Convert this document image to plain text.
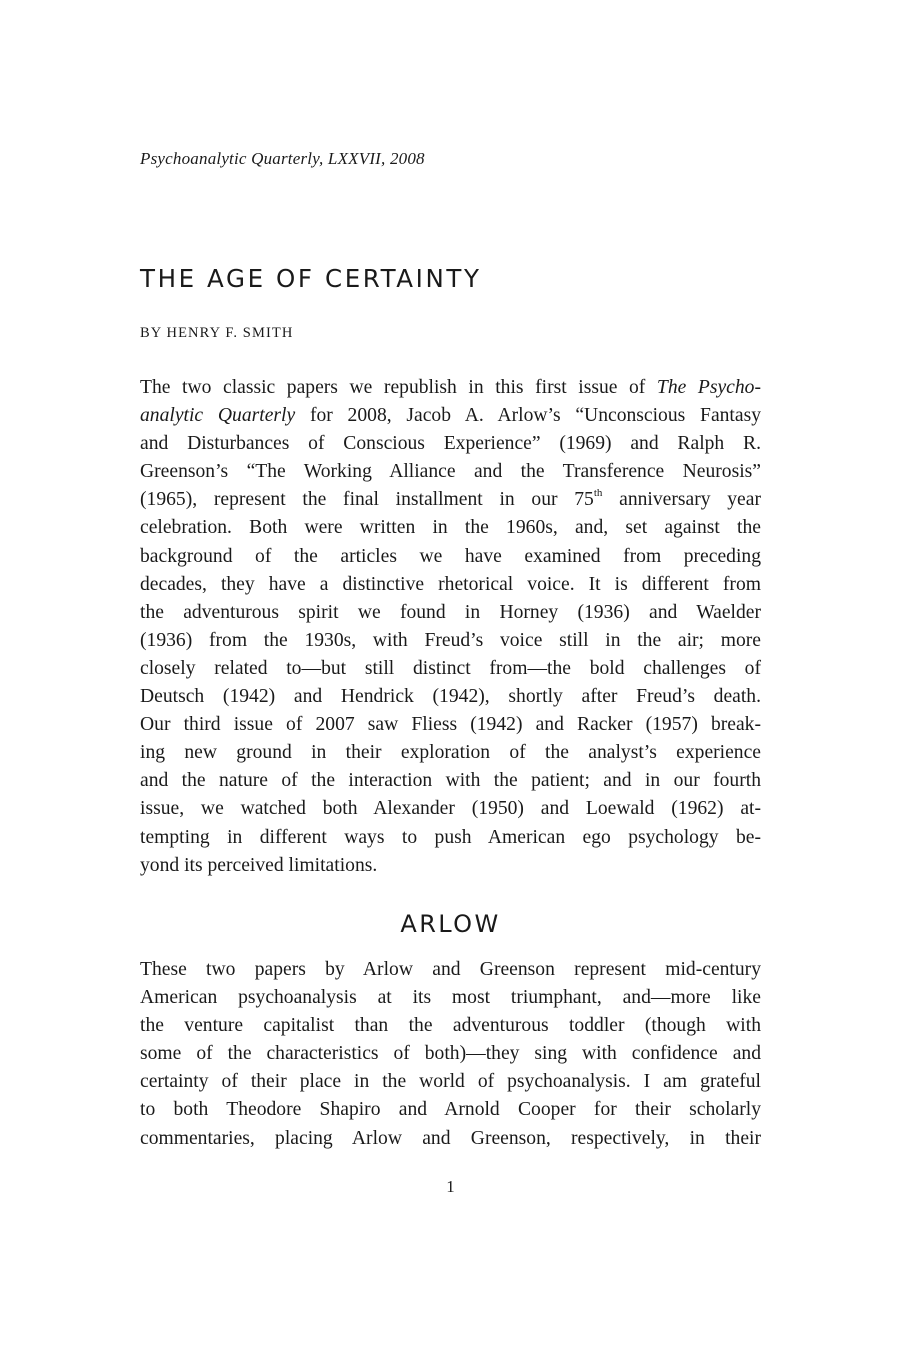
Psychoanalytic Quarterly, LXXVII, 2008
THE AGE OF CERTAINTY
BY HENRY F. SMITH
The two classic papers we republish in this first issue of The Psycho-
analytic Quarterly for 2008, Jacob A. Arlow’s “Unconscious Fantasy
and Disturbances of Conscious Experience” (1969) and Ralph R.
Greenson’s “The Working Alliance and the Transference Neurosis”
(1965), represent the final installment in our 75th anniversary year
celebration. Both were written in the 1960s, and, set against the
background of the articles we have examined from preceding
decades, they have a distinctive rhetorical voice. It is different from
the adventurous spirit we found in Horney (1936) and Waelder
(1936) from the 1930s, with Freud’s voice still in the air; more
closely related to—but still distinct from—the bold challenges of
Deutsch (1942) and Hendrick (1942), shortly after Freud’s death.
Our third issue of 2007 saw Fliess (1942) and Racker (1957) break-
ing new ground in their exploration of the analyst’s experience
and the nature of the interaction with the patient; and in our fourth
issue, we watched both Alexander (1950) and Loewald (1962) at-
tempting in different ways to push American ego psychology be-
yond its perceived limitations.
ARLOW
These two papers by Arlow and Greenson represent mid-century
American psychoanalysis at its most triumphant, and—more like
the venture capitalist than the adventurous toddler (though with
some of the characteristics of both)—they sing with confidence and
certainty of their place in the world of psychoanalysis. I am grateful
to both Theodore Shapiro and Arnold Cooper for their scholarly
commentaries, placing Arlow and Greenson, respectively, in their
1
